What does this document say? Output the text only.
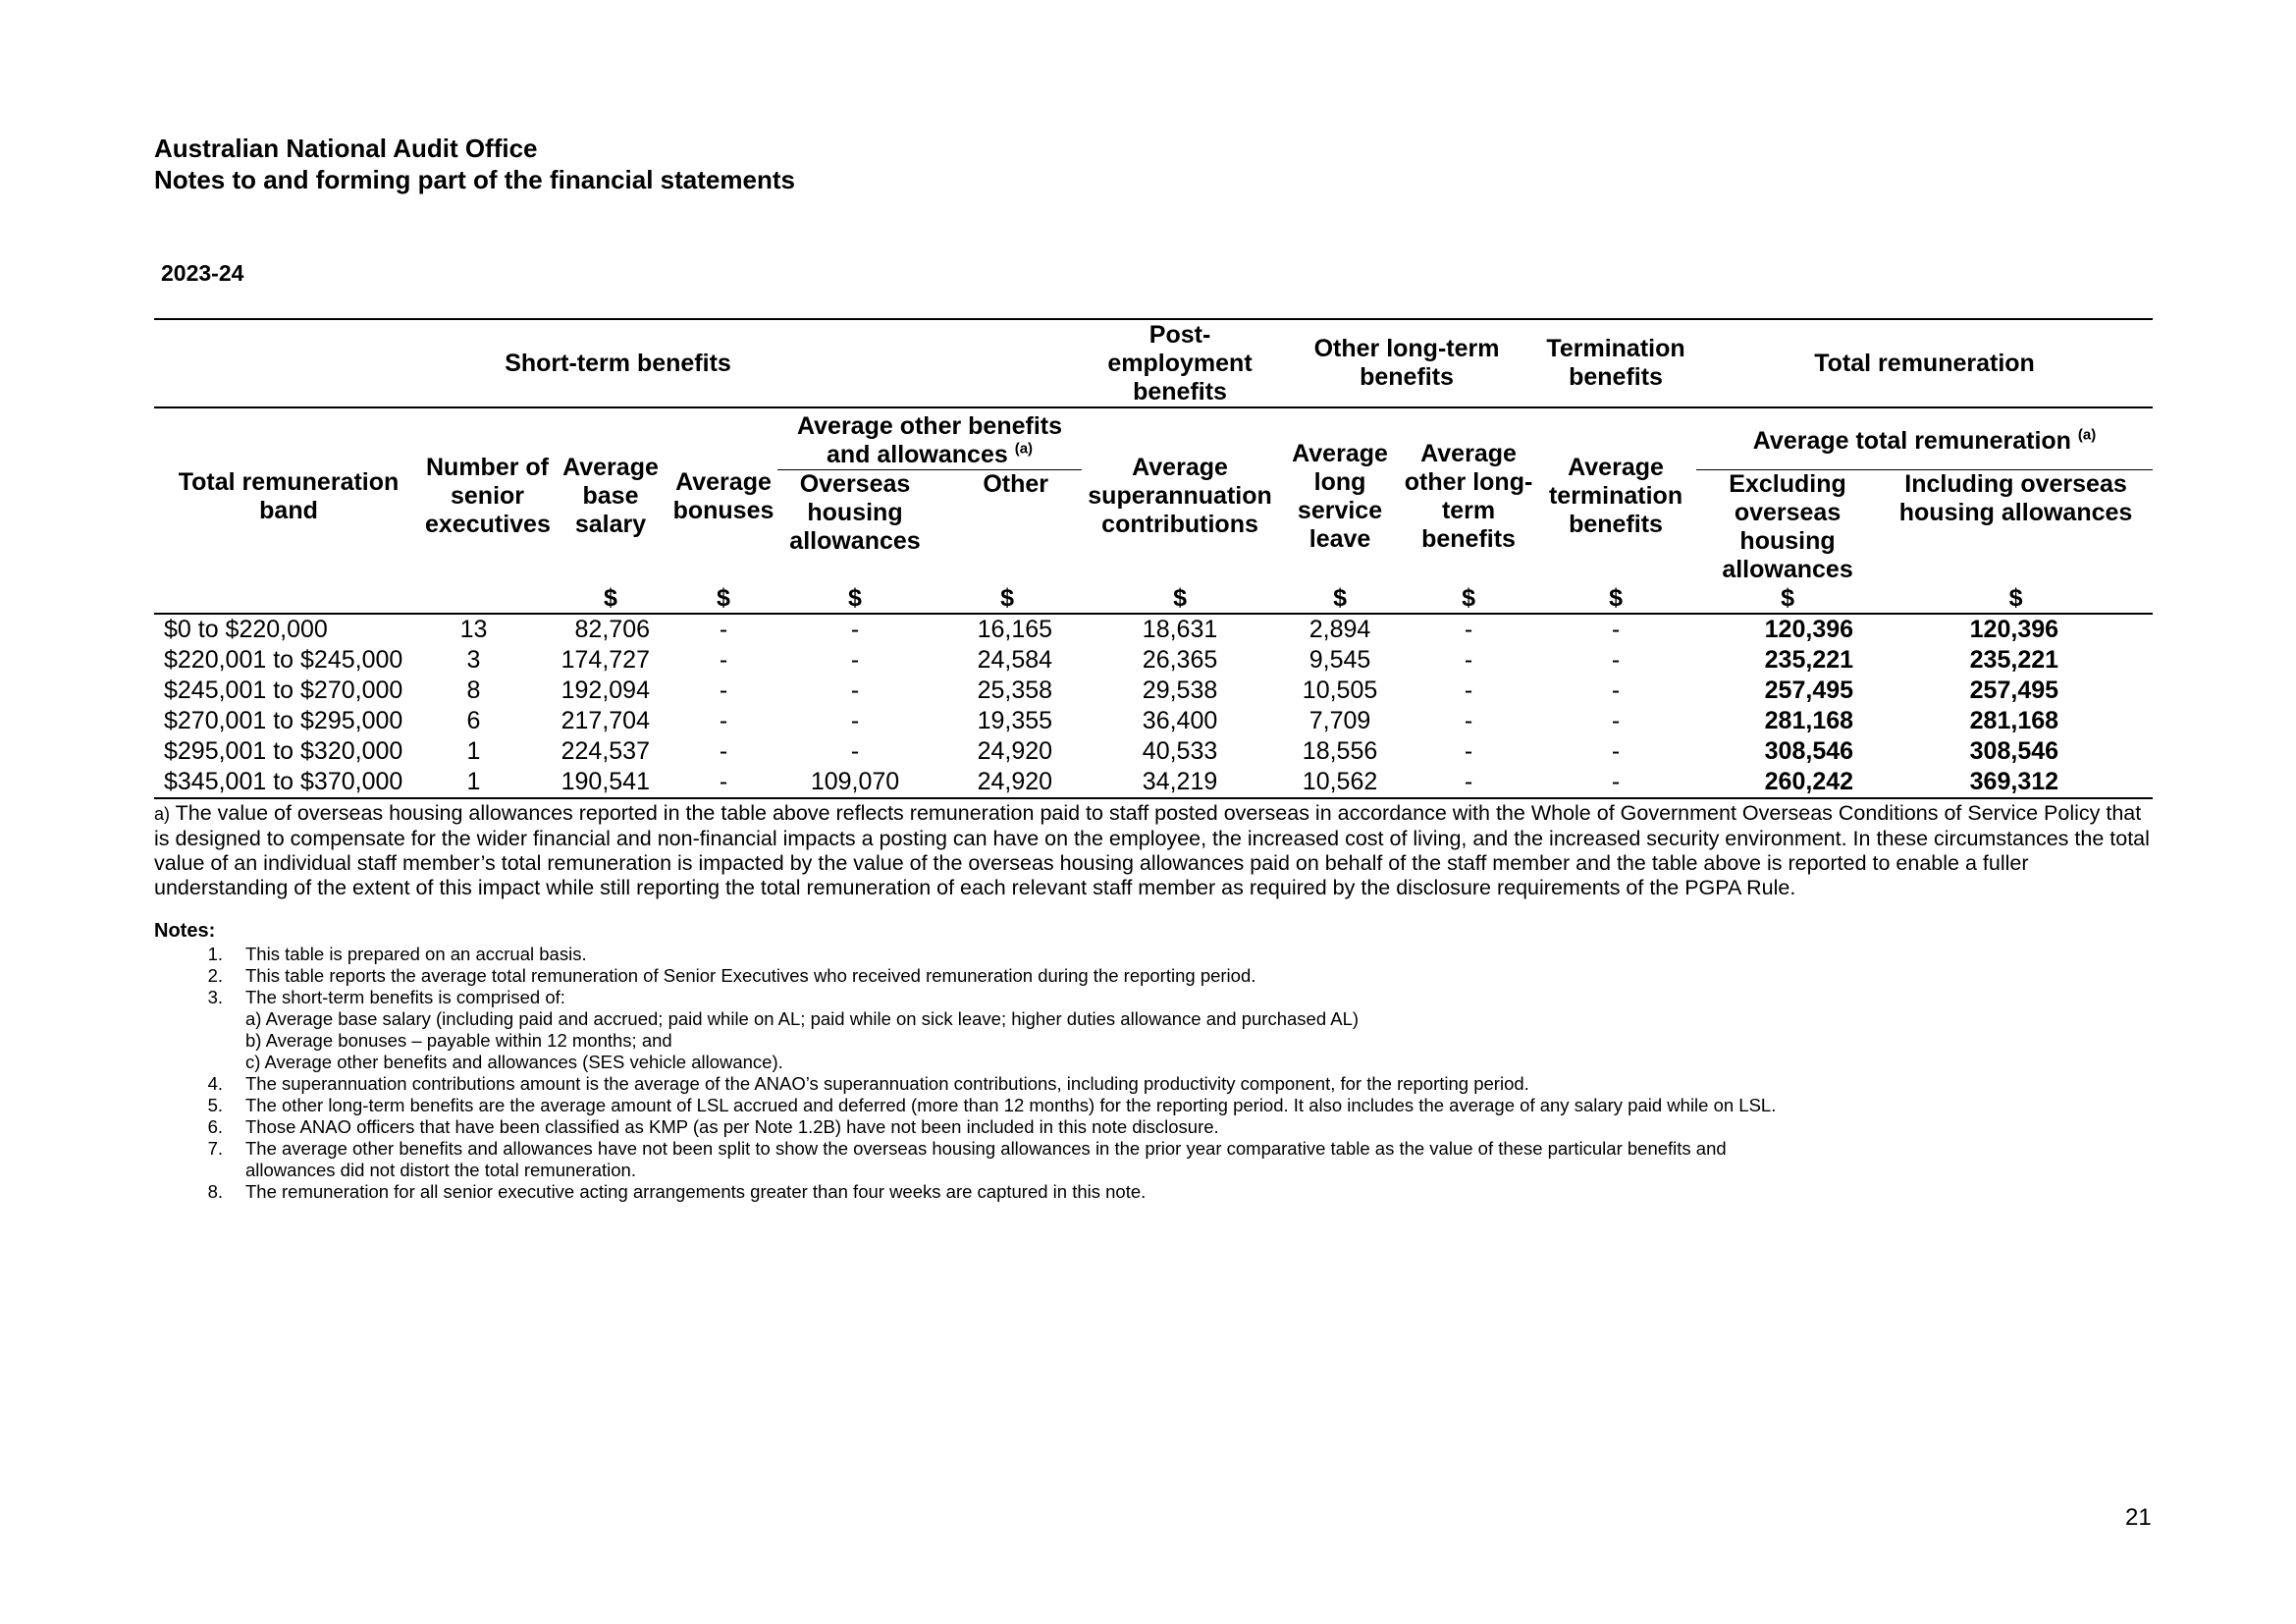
Australian National Audit Office
Notes to and forming part of the financial statements
2023-24
Short-term benefits						Post-employment benefits	Other long-term benefits		Termination benefits	Total remuneration	
Total remuneration band	Number of senior executives	Average base salary	Average bonuses	Average other benefits and allowances $^{(a)}$		Average superannuation contributions	Average long service leave	Average other long-term benefits	Average termination benefits	Average total remuneration $^{(a)}$
				Overseas housing allowances	Other					Excluding overseas housing allowances	Including overseas housing allowances
		$	$	$	$	$	$	$	$	$	$
$0 to $220,000	13	82,706	-	-	16,165	18,631	2,894	-	-	120,396	120,396
$220,001 to $245,000	3	174,727	-	-	24,584	26,365	9,545	-	-	235,221	235,221
$245,001 to $270,000	8	192,094	-	-	25,358	29,538	10,505	-	-	257,495	257,495
$270,001 to $295,000	6	217,704	-	-	19,355	36,400	7,709	-	-	281,168	281,168
$295,001 to $320,000	1	224,537	-	-	24,920	40,533	18,556	-	-	308,546	308,546
$345,001 to $370,000	1	190,541	-	109,070	24,920	34,219	10,562	-	-	260,242	369,312
a) The value of overseas housing allowances reported in the table above reflects remuneration paid to staff posted overseas in accordance with the Whole of Government Overseas Conditions of Service Policy that is designed to compensate for the wider financial and non-financial impacts a posting can have on the employee, the increased cost of living, and the increased security environment. In these circumstances the total value of an individual staff member’s total remuneration is impacted by the value of the overseas housing allowances paid on behalf of the staff member and the table above is reported to enable a fuller understanding of the extent of this impact while still reporting the total remuneration of each relevant staff member as required by the disclosure requirements of the PGPA Rule.
Notes:
1.	This table is prepared on an accrual basis.
2.	This table reports the average total remuneration of Senior Executives who received remuneration during the reporting period.
3.	The short-term benefits is comprised of:
a) Average base salary (including paid and accrued; paid while on AL; paid while on sick leave; higher duties allowance and purchased AL)
b) Average bonuses – payable within 12 months; and
c) Average other benefits and allowances (SES vehicle allowance).
4.	The superannuation contributions amount is the average of the ANAO’s superannuation contributions, including productivity component, for the reporting period.
5.	The other long-term benefits are the average amount of LSL accrued and deferred (more than 12 months) for the reporting period. It also includes the average of any salary paid while on LSL.
6.	Those ANAO officers that have been classified as KMP (as per Note 1.2B) have not been included in this note disclosure.
7.	The average other benefits and allowances have not been split to show the overseas housing allowances in the prior year comparative table as the value of these particular benefits and
allowances did not distort the total remuneration.
8.	The remuneration for all senior executive acting arrangements greater than four weeks are captured in this note.
21
